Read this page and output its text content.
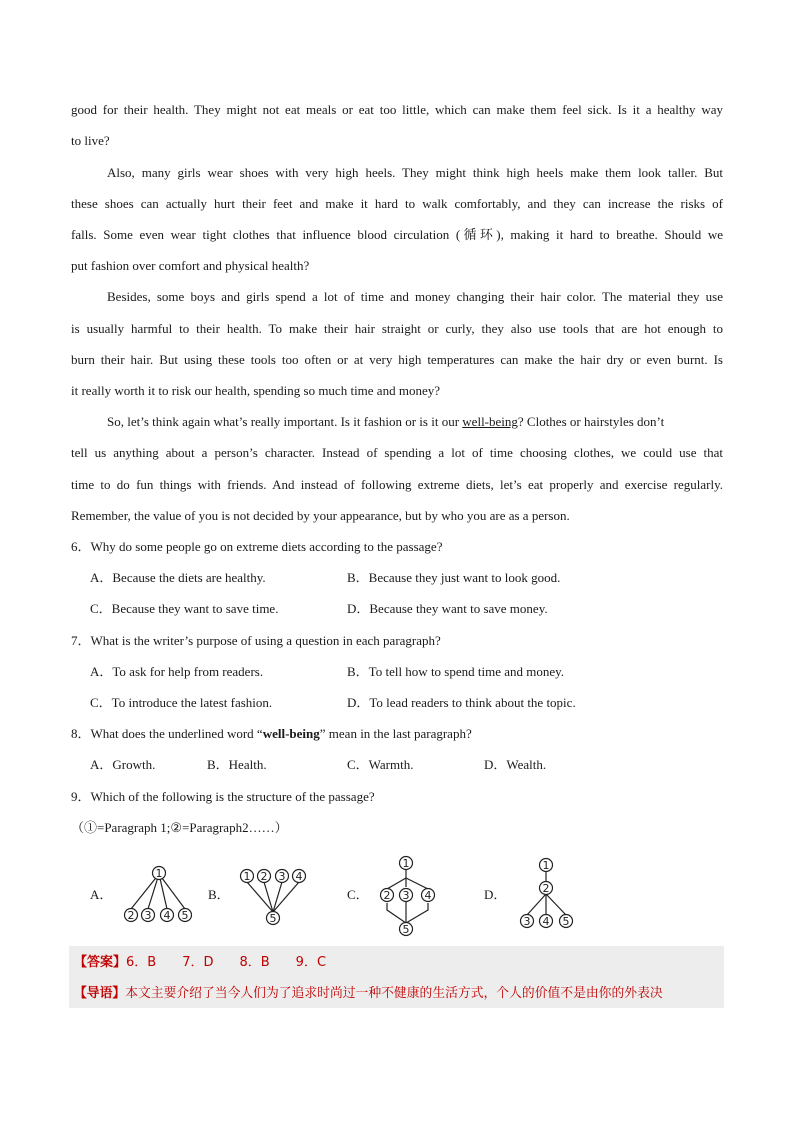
good for their health. They might not eat meals or eat too little, which can make them feel sick. Is it a healthy way
to live?
Also, many girls wear shoes with very high heels. They might think high heels make them look taller. But
these shoes can actually hurt their feet and make it hard to walk comfortably, and they can increase the risks of
falls. Some even wear tight clothes that influence blood circulation (循环), making it hard to breathe. Should we
put fashion over comfort and physical health?
Besides, some boys and girls spend a lot of time and money changing their hair color. The material they use
is usually harmful to their health. To make their hair straight or curly, they also use tools that are hot enough to
burn their hair. But using these tools too often or at very high temperatures can make the hair dry or even burnt. Is
it really worth it to risk our health, spending so much time and money?
So, let’s think again what’s really important. Is it fashion or is it our well-being? Clothes or hairstyles don’t
tell us anything about a person’s character. Instead of spending a lot of time choosing clothes, we could use that
time to do fun things with friends. And instead of following extreme diets, let’s eat properly and exercise regularly.
Remember, the value of you is not decided by your appearance, but by who you are as a person.
6．Why do some people go on extreme diets according to the passage?
A．Because the diets are healthy.	B．Because they just want to look good.
C．Because they want to save time.	D．Because they want to save money.
7．What is the writer’s purpose of using a question in each paragraph?
A．To ask for help from readers.	B．To tell how to spend time and money.
C．To introduce the latest fashion.	D．To lead readers to think about the topic.
8．What does the underlined word “well-being” mean in the last paragraph?
A．Growth.	B．Health.	C．Warmth.	D．Wealth.
9．Which of the following is the structure of the passage?
（①=Paragraph 1;②=Paragraph2……）
A．	B．	C．	D．
1
2 3 4 5
1 2 3 4
5
1
2 3 4
5
1
2
3 4 5
【答案】6．B　　7．D　　8．B　　9．C
【导语】本文主要介绍了当今人们为了追求时尚过一种不健康的生活方式，个人的价值不是由你的外表决
